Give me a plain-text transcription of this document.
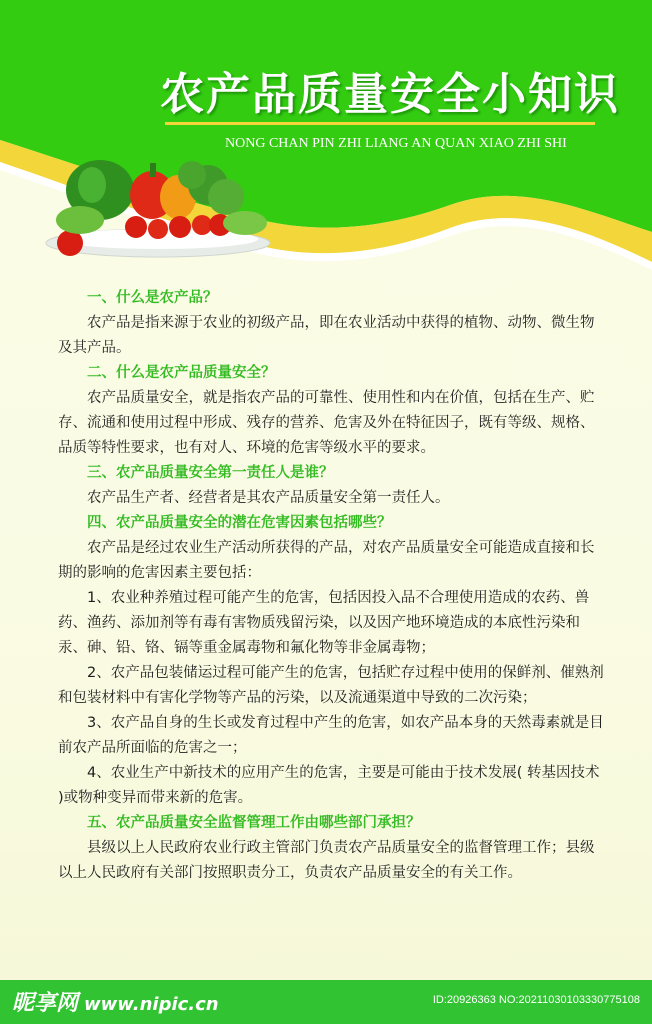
农产品质量安全小知识
NONG CHAN PIN ZHI LIANG AN QUAN XIAO ZHI SHI
一、什么是农产品？
农产品是指来源于农业的初级产品，即在农业活动中获得的植物、动物、微生物及其产品。
二、什么是农产品质量安全？
农产品质量安全，就是指农产品的可靠性、使用性和内在价值，包括在生产、贮存、流通和使用过程中形成、残存的营养、危害及外在特征因子，既有等级、规格、品质等特性要求，也有对人、环境的危害等级水平的要求。
三、农产品质量安全第一责任人是谁？
农产品生产者、经营者是其农产品质量安全第一责任人。
四、农产品质量安全的潜在危害因素包括哪些？
农产品是经过农业生产活动所获得的产品，对农产品质量安全可能造成直接和长期的影响的危害因素主要包括：
1、农业种养殖过程可能产生的危害，包括因投入品不合理使用造成的农药、兽药、渔药、添加剂等有毒有害物质残留污染，以及因产地环境造成的本底性污染和汞、砷、铅、铬、镉等重金属毒物和氟化物等非金属毒物；
2、农产品包装储运过程可能产生的危害，包括贮存过程中使用的保鲜剂、催熟剂和包装材料中有害化学物等产品的污染，以及流通渠道中导致的二次污染；
3、农产品自身的生长或发育过程中产生的危害，如农产品本身的天然毒素就是目前农产品所面临的危害之一；
4、农业生产中新技术的应用产生的危害，主要是可能由于技术发展( 转基因技术 )或物种变异而带来新的危害。
五、农产品质量安全监督管理工作由哪些部门承担？
县级以上人民政府农业行政主管部门负责农产品质量安全的监督管理工作；县级以上人民政府有关部门按照职责分工，负责农产品质量安全的有关工作。
昵享网 www.nipic.cn	ID:20926363 NO:20211030103330775108
